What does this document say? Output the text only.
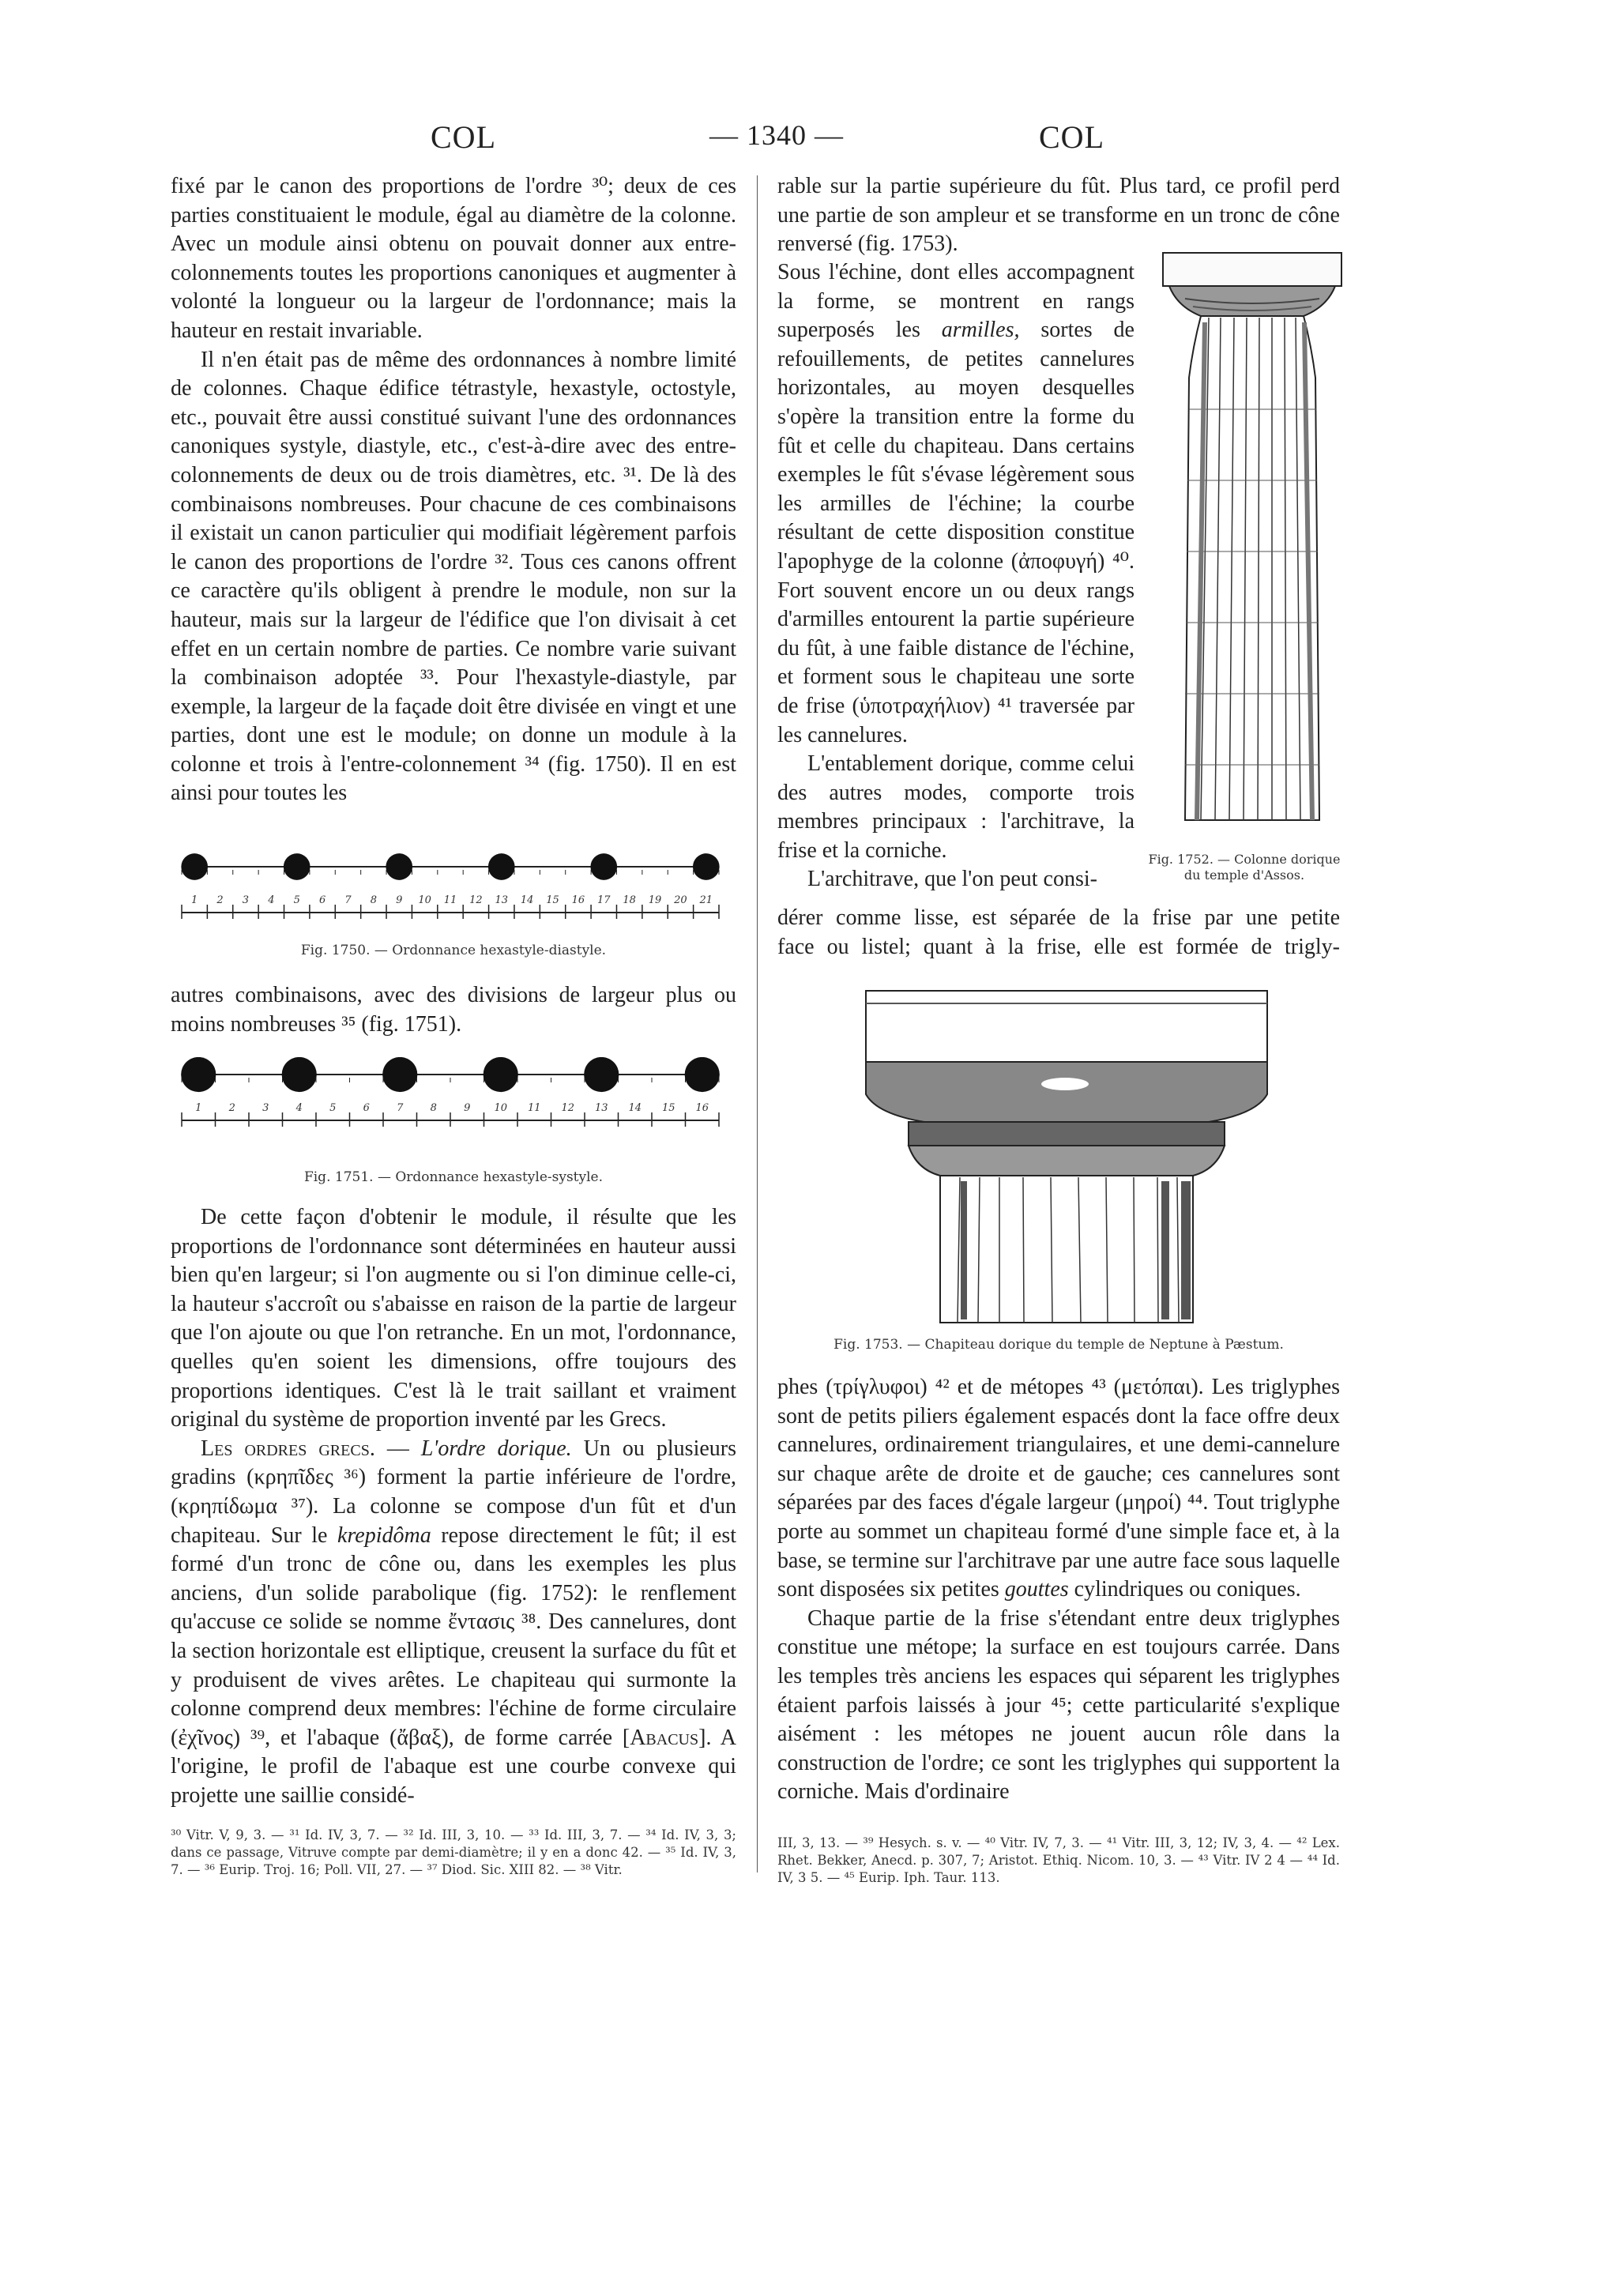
COL	— 1340 —	COL

fixé par le canon des proportions de l'ordre ³⁰; deux de ces parties constituaient le module, égal au diamètre de la colonne. Avec un module ainsi obtenu on pouvait donner aux entre-colonnements toutes les proportions canoniques et augmenter à volonté la longueur ou la largeur de l'ordonnance; mais la hauteur en restait invariable.

Il n'en était pas de même des ordonnances à nombre limité de colonnes. Chaque édifice tétrastyle, hexastyle, octostyle, etc., pouvait être aussi constitué suivant l'une des ordonnances canoniques systyle, diastyle, etc., c'est-à-dire avec des entre-colonnements de deux ou de trois diamètres, etc. ³¹. De là des combinaisons nombreuses. Pour chacune de ces combinaisons il existait un canon particulier qui modifiait légèrement parfois le canon des proportions de l'ordre ³². Tous ces canons offrent ce caractère qu'ils obligent à prendre le module, non sur la hauteur, mais sur la largeur de l'édifice que l'on divisait à cet effet en un certain nombre de parties. Ce nombre varie suivant la combinaison adoptée ³³. Pour l'hexastyle-diastyle, par exemple, la largeur de la façade doit être divisée en vingt et une parties, dont une est le module; on donne un module à la colonne et trois à l'entre-colonnement ³⁴ (fig. 1750). Il en est ainsi pour toutes les

1 2 3 4 5 6 7 8 9 10 11 12 13 14 15 16 17 18 19 20 21
Fig. 1750. — Ordonnance hexastyle-diastyle.

autres combinaisons, avec des divisions de largeur plus ou moins nombreuses ³⁵ (fig. 1751).

1	2	3	4	5	6	7	8	9 10 11 12 13 14 15 16
Fig. 1751. — Ordonnance hexastyle-systyle.

De cette façon d'obtenir le module, il résulte que les proportions de l'ordonnance sont déterminées en hauteur aussi bien qu'en largeur; si l'on augmente ou si l'on diminue celle-ci, la hauteur s'accroît ou s'abaisse en raison de la partie de largeur que l'on ajoute ou que l'on retranche. En un mot, l'ordonnance, quelles qu'en soient les dimensions, offre toujours des proportions identiques. C'est là le trait saillant et vraiment original du système de proportion inventé par les Grecs.

Les ordres grecs. — L'ordre dorique. Un ou plusieurs gradins (κρηπῖδες ³⁶) forment la partie inférieure de l'ordre, (κρηπίδωμα ³⁷). La colonne se compose d'un fût et d'un chapiteau. Sur le krepidôma repose directement le fût; il est formé d'un tronc de cône ou, dans les exemples les plus anciens, d'un solide parabolique (fig. 1752): le renflement qu'accuse ce solide se nomme ἔντασις ³⁸. Des cannelures, dont la section horizontale est elliptique, creusent la surface du fût et y produisent de vives arêtes. Le chapiteau qui surmonte la colonne comprend deux membres: l'échine de forme circulaire (ἐχῖνος) ³⁹, et l'abaque (ἄβαξ), de forme carrée [Abacus]. A l'origine, le profil de l'abaque est une courbe convexe qui projette une saillie considé-

³⁰ Vitr. V, 9, 3. — ³¹ Id. IV, 3, 7. — ³² Id. III, 3, 10. — ³³ Id. III, 3, 7. — ³⁴ Id. IV, 3, 3; dans ce passage, Vitruve compte par demi-diamètre; il y en a donc 42. — ³⁵ Id. IV, 3, 7. — ³⁶ Eurip. Troj. 16; Poll. VII, 27. — ³⁷ Diod. Sic. XIII 82. — ³⁸ Vitr.

rable sur la partie supérieure du fût. Plus tard, ce profil perd une partie de son ampleur et se transforme en un tronc de cône renversé (fig. 1753).

Sous l'échine, dont elles accompagnent la forme, se montrent en rangs superposés les armilles, sortes de refouillements, de petites cannelures horizontales, au moyen desquelles s'opère la transition entre la forme du fût et celle du chapiteau. Dans certains exemples le fût s'évase légèrement sous les armilles de l'échine; la courbe résultant de cette disposition constitue l'apophyge de la colonne (ἀποφυγή) ⁴⁰. Fort souvent encore un ou deux rangs d'armilles entourent la partie supérieure du fût, à une faible distance de l'échine, et forment sous le chapiteau une sorte de frise (ὑποτραχήλιον) ⁴¹ traversée par les cannelures.

L'entablement dorique, comme celui des autres modes, comporte trois membres principaux : l'architrave, la frise et la corniche.

L'architrave, que l'on peut consi-

Fig. 1752. — Colonne dorique
du temple d'Assos.
dérer comme lisse, est séparée de la frise par une petite
face ou listel; quant à la frise, elle est formée de trigly-
Fig. 1753. — Chapiteau dorique du temple de Neptune à Pæstum.

phes (τρίγλυφοι) ⁴² et de métopes ⁴³ (μετόπαι). Les triglyphes sont de petits piliers également espacés dont la face offre deux cannelures, ordinairement triangulaires, et une demi-cannelure sur chaque arête de droite et de gauche; ces cannelures sont séparées par des faces d'égale largeur (μηροί) ⁴⁴. Tout triglyphe porte au sommet un chapiteau formé d'une simple face et, à la base, se termine sur l'architrave par une autre face sous laquelle sont disposées six petites gouttes cylindriques ou coniques.

Chaque partie de la frise s'étendant entre deux triglyphes constitue une métope; la surface en est toujours carrée. Dans les temples très anciens les espaces qui séparent les triglyphes étaient parfois laissés à jour ⁴⁵; cette particularité s'explique aisément : les métopes ne jouent aucun rôle dans la construction de l'ordre; ce sont les triglyphes qui supportent la corniche. Mais d'ordinaire

III, 3, 13. — ³⁹ Hesych. s. v. — ⁴⁰ Vitr. IV, 7, 3. — ⁴¹ Vitr. III, 3, 12; IV, 3, 4. — ⁴² Lex. Rhet. Bekker, Anecd. p. 307, 7; Aristot. Ethiq. Nicom. 10, 3. — ⁴³ Vitr. IV 2 4 — ⁴⁴ Id. IV, 3 5. — ⁴⁵ Eurip. Iph. Taur. 113.
